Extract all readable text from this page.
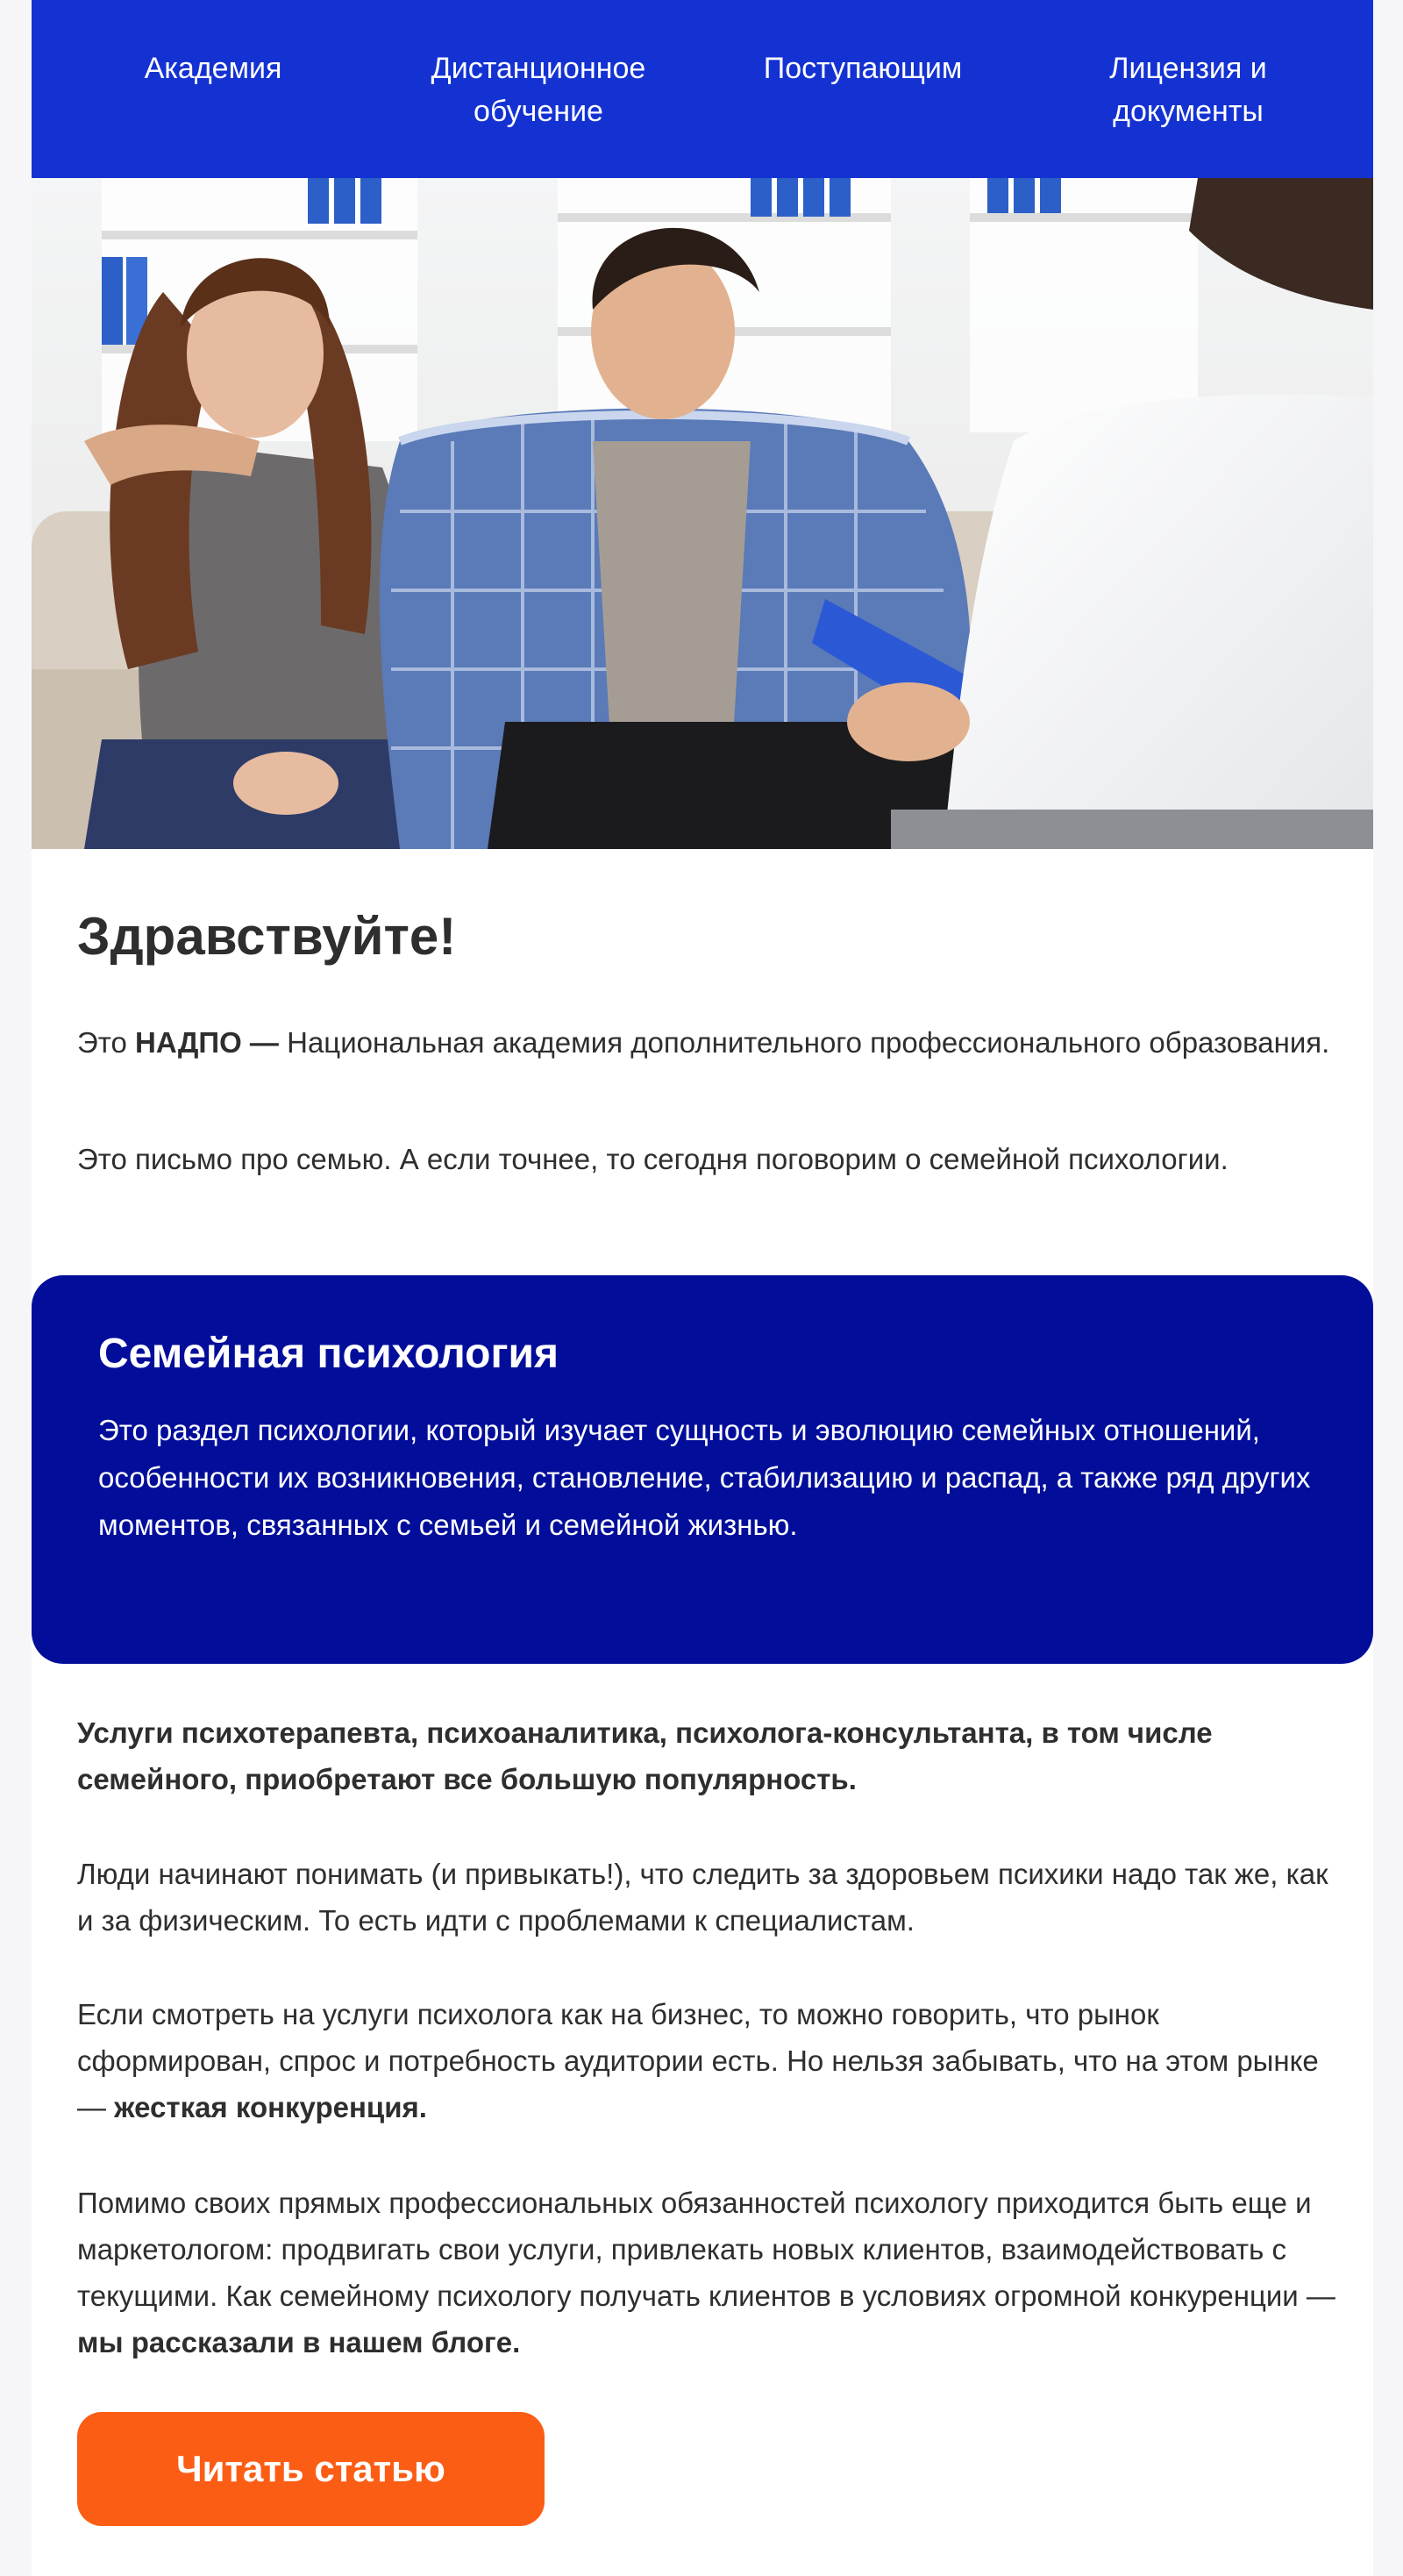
Академия	Дистанционное
обучение
Поступающим	Лицензия и
документы
Здравствуйте!

Это НАДПО — Национальная академия дополнительного профессионального образования.

Это письмо про семью. А если точнее, то сегодня поговорим о семейной психологии.

Семейная психология

Это раздел психологии, который изучает сущность и эволюцию семейных отношений, особенности их возникновения, становление, стабилизацию и распад, а также ряд других моментов, связанных с семьей и семейной жизнью.

Услуги психотерапевта, психоаналитика, психолога-консультанта, в том числе семейного, приобретают все большую популярность.

Люди начинают понимать (и привыкать!), что следить за здоровьем психики надо так же, как и за физическим. То есть идти с проблемами к специалистам.

Если смотреть на услуги психолога как на бизнес, то можно говорить, что рынок сформирован, спрос и потребность аудитории есть. Но нельзя забывать, что на этом рынке — жесткая конкуренция.

Помимо своих прямых профессиональных обязанностей психологу приходится быть еще и маркетологом: продвигать свои услуги, привлекать новых клиентов, взаимодействовать с текущими. Как семейному психологу получать клиентов в условиях огромной конкуренции — мы рассказали в нашем блоге.

Читать статью
